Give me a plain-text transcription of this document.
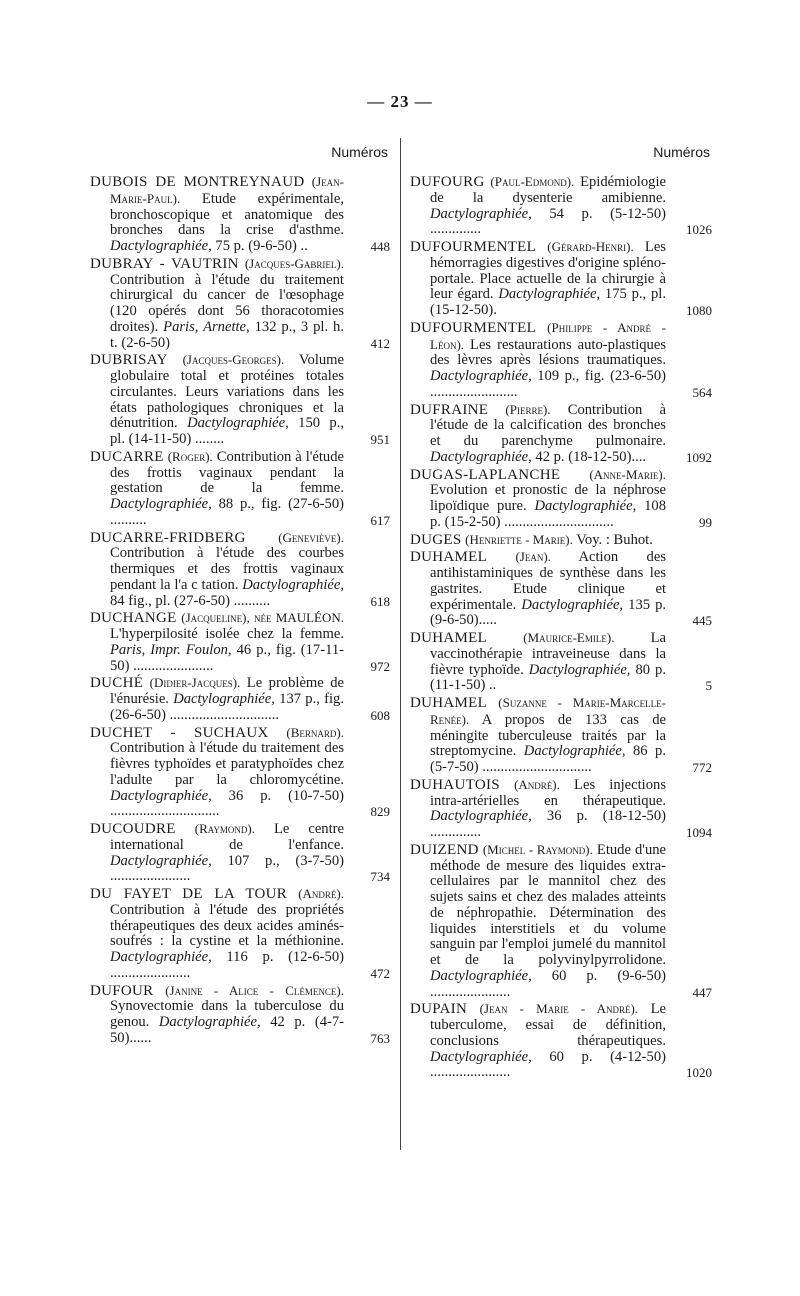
— 23 —
Numéros
DUBOIS DE MONTREYNAUD (Jean-Marie-Paul). Etude expérimentale, bronchoscopique et anatomique des bronches dans la crise d'asthme. Dactylographiée, 75 p. (9-6-50) ..	448
DUBRAY - VAUTRIN (Jacques-Gabriel). Contribution à l'étude du traitement chirurgical du cancer de l'œsophage (120 opérés dont 56 thoracotomies droites). Paris, Arnette, 132 p., 3 pl. h. t. (2-6-50)	412
DUBRISAY (Jacques-Georges). Volume globulaire total et protéines totales circulantes. Leurs variations dans les états pathologiques chroniques et la dénutrition. Dactylographiée, 150 p., pl. (14-11-50) ........	951
DUCARRE (Roger). Contribution à l'étude des frottis vaginaux pendant la gestation de la femme. Dactylographiée, 88 p., fig. (27-6-50) ..........	617
DUCARRE-FRIDBERG	(Geneviève). Contribution à l'étude des courbes thermiques et des frottis vaginaux pendant la l'a c tation. Dactylographiée, 84 fig., pl. (27-6-50) ..........	618
DUCHANGE (Jacqueline), née MAULÉON. L'hyperpilosité isolée chez la femme. Paris, Impr. Foulon, 46 p., fig. (17-11-50) ......................	972
DUCHÉ (Didier-Jacques). Le problème de l'énurésie. Dactylographiée, 137 p., fig. (26-6-50) ..............................	608
DUCHET - SUCHAUX (Bernard). Contribution à l'étude du traitement des fièvres typhoïdes et paratyphoïdes chez l'adulte par la chloromycétine. Dactylographiée, 36 p. (10-7-50) ..............................	829
DUCOUDRE (Raymond). Le centre international de l'enfance. Dactylographiée, 107 p., (3-7-50) ......................	734
DU FAYET DE LA TOUR (André). Contribution à l'étude des propriétés thérapeutiques des deux acides aminés-soufrés : la cystine et la méthionine. Dactylographiée, 116 p. (12-6-50) ......................	472
DUFOUR (Janine - Alice - Clémence). Synovectomie dans la tuberculose du genou. Dactylographiée, 42 p. (4-7-50)......	763
Numéros
DUFOURG (Paul-Edmond). Epidémiologie de la dysenterie amibienne. Dactylographiée, 54 p. (5-12-50) ..............	1026
DUFOURMENTEL (Gérard-Henri). Les hémorragies digestives d'origine spléno-portale. Place actuelle de la chirurgie à leur égard. Dactylographiée, 175 p., pl. (15-12-50).	1080
DUFOURMENTEL (Philippe - André - Léon). Les restaurations auto-plastiques des lèvres après lésions traumatiques. Dactylographiée, 109 p., fig. (23-6-50) ........................	564
DUFRAINE (Pierre). Contribution à l'étude de la calcification des bronches et du parenchyme pulmonaire. Dactylographiée, 42 p. (18-12-50)....	1092
DUGAS-LAPLANCHE (Anne-Marie). Evolution et pronostic de la néphrose lipoïdique pure. Dactylographiée, 108 p. (15-2-50) ..............................	99
DUGES (Henriette - Marie). Voy. : Buhot.
DUHAMEL (Jean). Action des antihistaminiques de synthèse dans les gastrites. Etude clinique et expérimentale. Dactylographiée, 135 p. (9-6-50).....	445
DUHAMEL	(Maurice-Emile). La vaccinothérapie intraveineuse dans la fièvre typhoïde. Dactylographiée, 80 p. (11-1-50) ..	5
DUHAMEL (Suzanne - Marie-Marcelle-Renée). A propos de 133 cas de méningite tuberculeuse traités par la streptomycine. Dactylographiée, 86 p. (5-7-50) ..............................	772
DUHAUTOIS (André). Les injections intra-artérielles en thérapeutique. Dactylographiée, 36 p. (18-12-50) ..............	1094
DUIZEND (Michel - Raymond). Etude d'une méthode de mesure des liquides extra-cellulaires par le mannitol chez des sujets sains et chez des malades atteints de néphropathie. Détermination des liquides interstitiels et du volume sanguin par l'emploi jumelé du mannitol et de la polyvinylpyrrolidone. Dactylographiée, 60 p. (9-6-50) ......................	447
DUPAIN (Jean - Marie - André). Le tuberculome, essai de définition, conclusions thérapeutiques. Dactylographiée, 60 p. (4-12-50) ......................	1020
